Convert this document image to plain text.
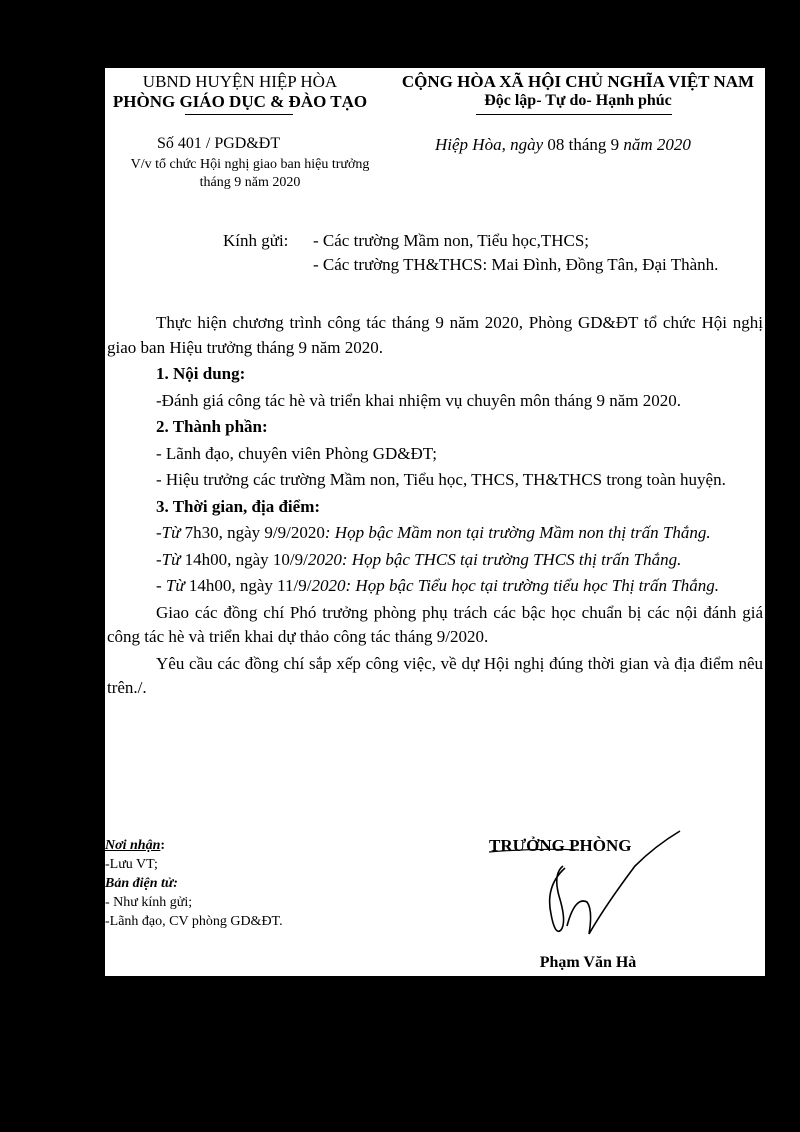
UBND HUYỆN HIỆP HÒA
PHÒNG GIÁO DỤC & ĐÀO TẠO
CỘNG HÒA XÃ HỘI CHỦ NGHĨA VIỆT NAM
Độc lập- Tự do- Hạnh phúc
Số 401 / PGD&ĐT
V/v tổ chức Hội nghị giao ban hiệu trưởng tháng 9 năm 2020
Hiệp Hòa, ngày 08 tháng 9 năm 2020
Kính gửi: - Các trường Mầm non, Tiểu học,THCS;
- Các trường TH&THCS: Mai Đình, Đồng Tân, Đại Thành.

Thực hiện chương trình công tác tháng 9 năm 2020, Phòng GD&ĐT tổ chức Hội nghị giao ban Hiệu trưởng tháng 9 năm 2020.

1. Nội dung:

-Đánh giá công tác hè và triển khai nhiệm vụ chuyên môn tháng 9 năm 2020.

2. Thành phần:

- Lãnh đạo, chuyên viên Phòng GD&ĐT;

- Hiệu trưởng các trường Mầm non, Tiểu học, THCS, TH&THCS trong toàn huyện.

3. Thời gian, địa điểm:

-Từ 7h30, ngày 9/9/2020: Họp bậc Mầm non tại trường Mầm non thị trấn Thắng.

-Từ 14h00, ngày 10/9/2020: Họp bậc THCS tại trường THCS thị trấn Thắng.

- Từ 14h00, ngày 11/9/2020: Họp bậc Tiểu học tại trường tiểu học Thị trấn Thắng.

Giao các đồng chí Phó trưởng phòng phụ trách các bậc học chuẩn bị các nội đánh giá công tác hè và triển khai dự thảo công tác tháng 9/2020.

Yêu cầu các đồng chí sắp xếp công việc, về dự Hội nghị đúng thời gian và địa điểm nêu trên./.

Nơi nhận:
-Lưu VT;
Bản điện tử:
- Như kính gửi;
-Lãnh đạo, CV phòng GD&ĐT.
TRƯỞNG PHÒNG
Phạm Văn Hà
